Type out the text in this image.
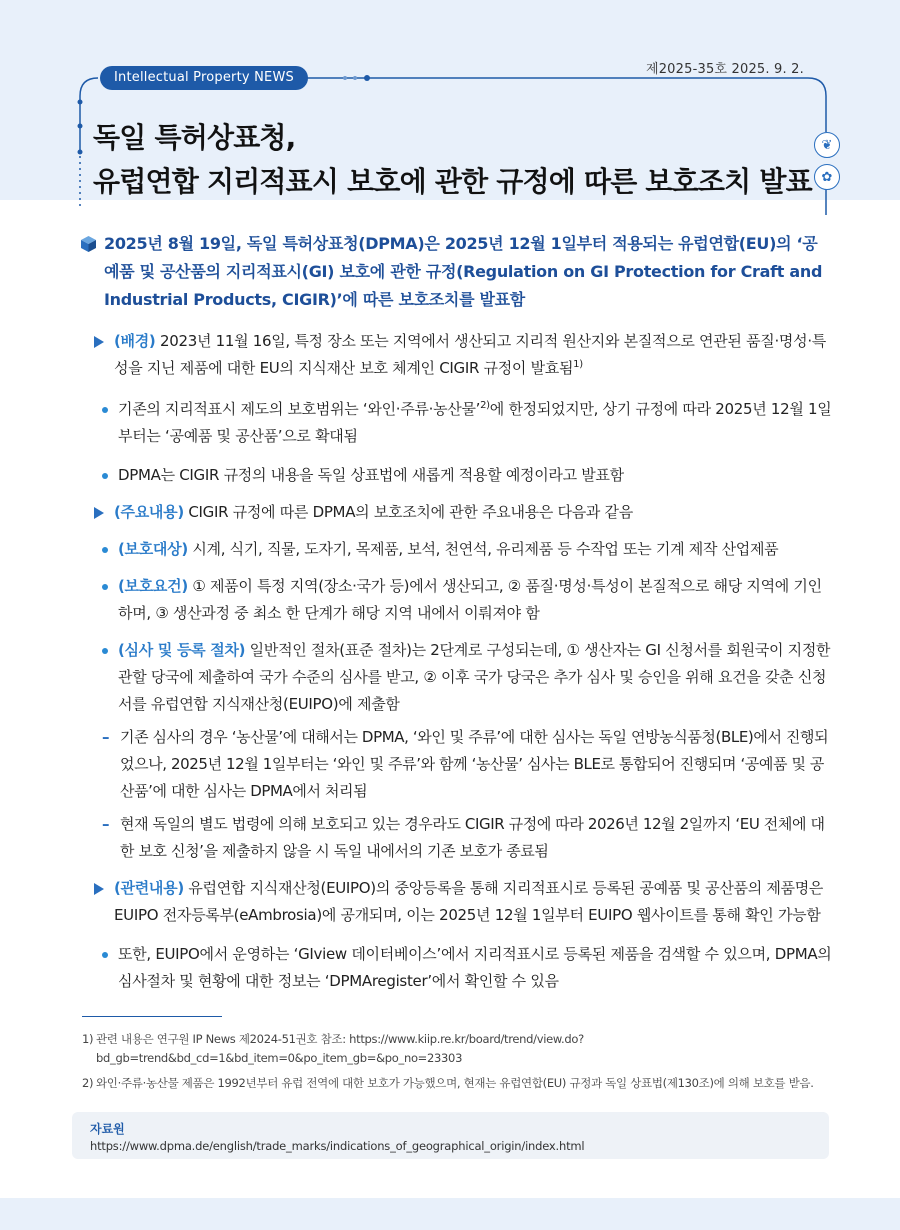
제2025-35호 2025. 9. 2.
Intellectual Property NEWS
독일 특허상표청,
유럽연합 지리적표시 보호에 관한 규정에 따른 보호조치 발표
❦
✿
2025년 8월 19일, 독일 특허상표청(DPMA)은 2025년 12월 1일부터 적용되는 유럽연합(EU)의 ‘공예품 및 공산품의 지리적표시(GI) 보호에 관한 규정(Regulation on GI Protection for Craft and Industrial Products, CIGIR)’에 따른 보호조치를 발표함
(배경) 2023년 11월 16일, 특정 장소 또는 지역에서 생산되고 지리적 원산지와 본질적으로 연관된 품질·명성·특성을 지닌 제품에 대한 EU의 지식재산 보호 체계인 CIGIR 규정이 발효됨$^{1)}$
기존의 지리적표시 제도의 보호범위는 ‘와인·주류·농산물’$^{2)}$에 한정되었지만, 상기 규정에 따라 2025년 12월 1일부터는 ‘공예품 및 공산품’으로 확대됨
DPMA는 CIGIR 규정의 내용을 독일 상표법에 새롭게 적용할 예정이라고 발표함
(주요내용) CIGIR 규정에 따른 DPMA의 보호조치에 관한 주요내용은 다음과 같음
(보호대상) 시계, 식기, 직물, 도자기, 목제품, 보석, 천연석, 유리제품 등 수작업 또는 기계 제작 산업제품
(보호요건) ① 제품이 특정 지역(장소·국가 등)에서 생산되고, ② 품질·명성·특성이 본질적으로 해당 지역에 기인하며, ③ 생산과정 중 최소 한 단계가 해당 지역 내에서 이뤄져야 함
(심사 및 등록 절차) 일반적인 절차(표준 절차)는 2단계로 구성되는데, ① 생산자는 GI 신청서를 회원국이 지정한 관할 당국에 제출하여 국가 수준의 심사를 받고, ② 이후 국가 당국은 추가 심사 및 승인을 위해 요건을 갖춘 신청서를 유럽연합 지식재산청(EUIPO)에 제출함
– 기존 심사의 경우 ‘농산물’에 대해서는 DPMA, ‘와인 및 주류’에 대한 심사는 독일 연방농식품청(BLE)에서 진행되었으나, 2025년 12월 1일부터는 ‘와인 및 주류’와 함께 ‘농산물’ 심사는 BLE로 통합되어 진행되며 ‘공예품 및 공산품’에 대한 심사는 DPMA에서 처리됨
– 현재 독일의 별도 법령에 의해 보호되고 있는 경우라도 CIGIR 규정에 따라 2026년 12월 2일까지 ‘EU 전체에 대한 보호 신청’을 제출하지 않을 시 독일 내에서의 기존 보호가 종료됨
(관련내용) 유럽연합 지식재산청(EUIPO)의 중앙등록을 통해 지리적표시로 등록된 공예품 및 공산품의 제품명은 EUIPO 전자등록부(eAmbrosia)에 공개되며, 이는 2025년 12월 1일부터 EUIPO 웹사이트를 통해 확인 가능함
또한, EUIPO에서 운영하는 ‘GIview 데이터베이스’에서 지리적표시로 등록된 제품을 검색할 수 있으며, DPMA의 심사절차 및 현황에 대한 정보는 ‘DPMAregister’에서 확인할 수 있음
1) 관련 내용은 연구원 IP News 제2024-51권호 참조: https://www.kiip.re.kr/board/trend/view.do?bd_gb=trend&bd_cd=1&bd_item=0&po_item_gb=&po_no=23303
2) 와인·주류·농산물 제품은 1992년부터 유럽 전역에 대한 보호가 가능했으며, 현재는 유럽연합(EU) 규정과 독일 상표법(제130조)에 의해 보호를 받음.
자료원
https://www.dpma.de/english/trade_marks/indications_of_geographical_origin/index.html
